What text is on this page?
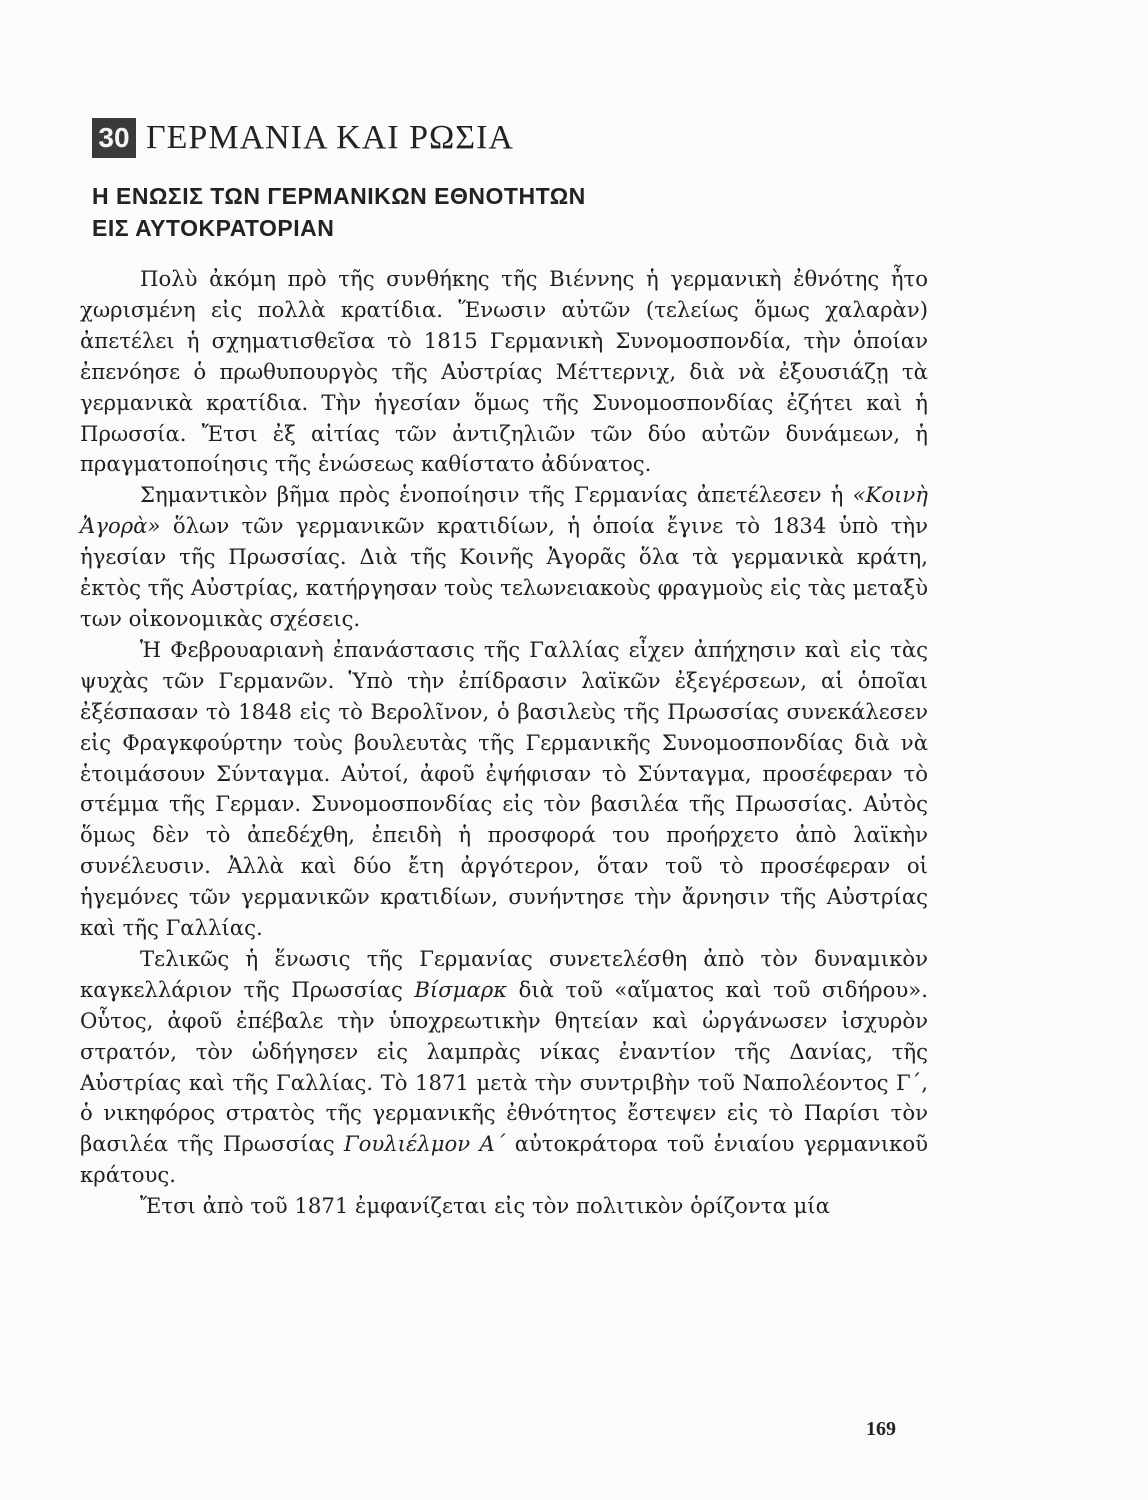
30 ΓΕΡΜΑΝΙΑ ΚΑΙ ΡΩΣΙΑ
Η ΕΝΩΣΙΣ ΤΩΝ ΓΕΡΜΑΝΙΚΩΝ ΕΘΝΟΤΗΤΩΝ
ΕΙΣ ΑΥΤΟΚΡΑΤΟΡΙΑΝ

Πολὺ ἀκόμη πρὸ τῆς συνθήκης τῆς Βιέννης ἡ γερμανικὴ ἐθνότης ἦτο χωρισμένη εἰς πολλὰ κρατίδια. Ἕνωσιν αὐτῶν (τελείως ὅμως χαλαρὰν) ἀπετέλει ἡ σχηματισθεῖσα τὸ 1815 Γερμανικὴ Συνομοσπονδία, τὴν ὁποίαν ἐπενόησε ὁ πρωθυπουργὸς τῆς Αὐστρίας Μέττερνιχ, διὰ νὰ ἐξουσιάζῃ τὰ γερμανικὰ κρατίδια. Τὴν ἡγεσίαν ὅμως τῆς Συνομοσπονδίας ἐζήτει καὶ ἡ Πρωσσία. Ἔτσι ἐξ αἰτίας τῶν ἀντιζηλιῶν τῶν δύο αὐτῶν δυνάμεων, ἡ πραγματοποίησις τῆς ἑνώσεως καθίστατο ἀδύνατος.

Σημαντικὸν βῆμα πρὸς ἑνοποίησιν τῆς Γερμανίας ἀπετέλεσεν ἡ «Κοινὴ Ἀγορὰ» ὅλων τῶν γερμανικῶν κρατιδίων, ἡ ὁποία ἔγινε τὸ 1834 ὑπὸ τὴν ἡγεσίαν τῆς Πρωσσίας. Διὰ τῆς Κοινῆς Ἀγορᾶς ὅλα τὰ γερμανικὰ κράτη, ἐκτὸς τῆς Αὐστρίας, κατήργησαν τοὺς τελωνειακοὺς φραγμοὺς εἰς τὰς μεταξὺ των οἰκονομικὰς σχέσεις.

Ἡ Φεβρουαριανὴ ἐπανάστασις τῆς Γαλλίας εἶχεν ἀπήχησιν καὶ εἰς τὰς ψυχὰς τῶν Γερμανῶν. Ὑπὸ τὴν ἐπίδρασιν λαϊκῶν ἐξεγέρσεων, αἱ ὁποῖαι ἐξέσπασαν τὸ 1848 εἰς τὸ Βερολῖνον, ὁ βασιλεὺς τῆς Πρωσσίας συνεκάλεσεν εἰς Φραγκφούρτην τοὺς βουλευτὰς τῆς Γερμανικῆς Συνομοσπονδίας διὰ νὰ ἑτοιμάσουν Σύνταγμα. Αὐτοί, ἀφοῦ ἐψήφισαν τὸ Σύνταγμα, προσέφεραν τὸ στέμμα τῆς Γερμαν. Συνομοσπονδίας εἰς τὸν βασιλέα τῆς Πρωσσίας. Αὐτὸς ὅμως δὲν τὸ ἀπεδέχθη, ἐπειδὴ ἡ προσφορά του προήρχετο ἀπὸ λαϊκὴν συνέλευσιν. Ἀλλὰ καὶ δύο ἔτη ἀργότερον, ὅταν τοῦ τὸ προσέφεραν οἱ ἡγεμόνες τῶν γερμανικῶν κρατιδίων, συνήντησε τὴν ἄρνησιν τῆς Αὐστρίας καὶ τῆς Γαλλίας.

Τελικῶς ἡ ἕνωσις τῆς Γερμανίας συνετελέσθη ἀπὸ τὸν δυναμικὸν καγκελλάριον τῆς Πρωσσίας Βίσμαρκ διὰ τοῦ «αἵματος καὶ τοῦ σιδήρου». Οὗτος, ἀφοῦ ἐπέβαλε τὴν ὑποχρεωτικὴν θητείαν καὶ ὠργάνωσεν ἰσχυρὸν στρατόν, τὸν ὡδήγησεν εἰς λαμπρὰς νίκας ἐναντίον τῆς Δανίας, τῆς Αὐστρίας καὶ τῆς Γαλλίας. Τὸ 1871 μετὰ τὴν συντριβὴν τοῦ Ναπολέοντος Γ΄, ὁ νικηφόρος στρατὸς τῆς γερμανικῆς ἐθνότητος ἔστεψεν εἰς τὸ Παρίσι τὸν βασιλέα τῆς Πρωσσίας Γουλιέλμον Α΄ αὐτοκράτορα τοῦ ἑνιαίου γερμανικοῦ κράτους.

Ἔτσι ἀπὸ τοῦ 1871 ἐμφανίζεται εἰς τὸν πολιτικὸν ὁρίζοντα μία

169
